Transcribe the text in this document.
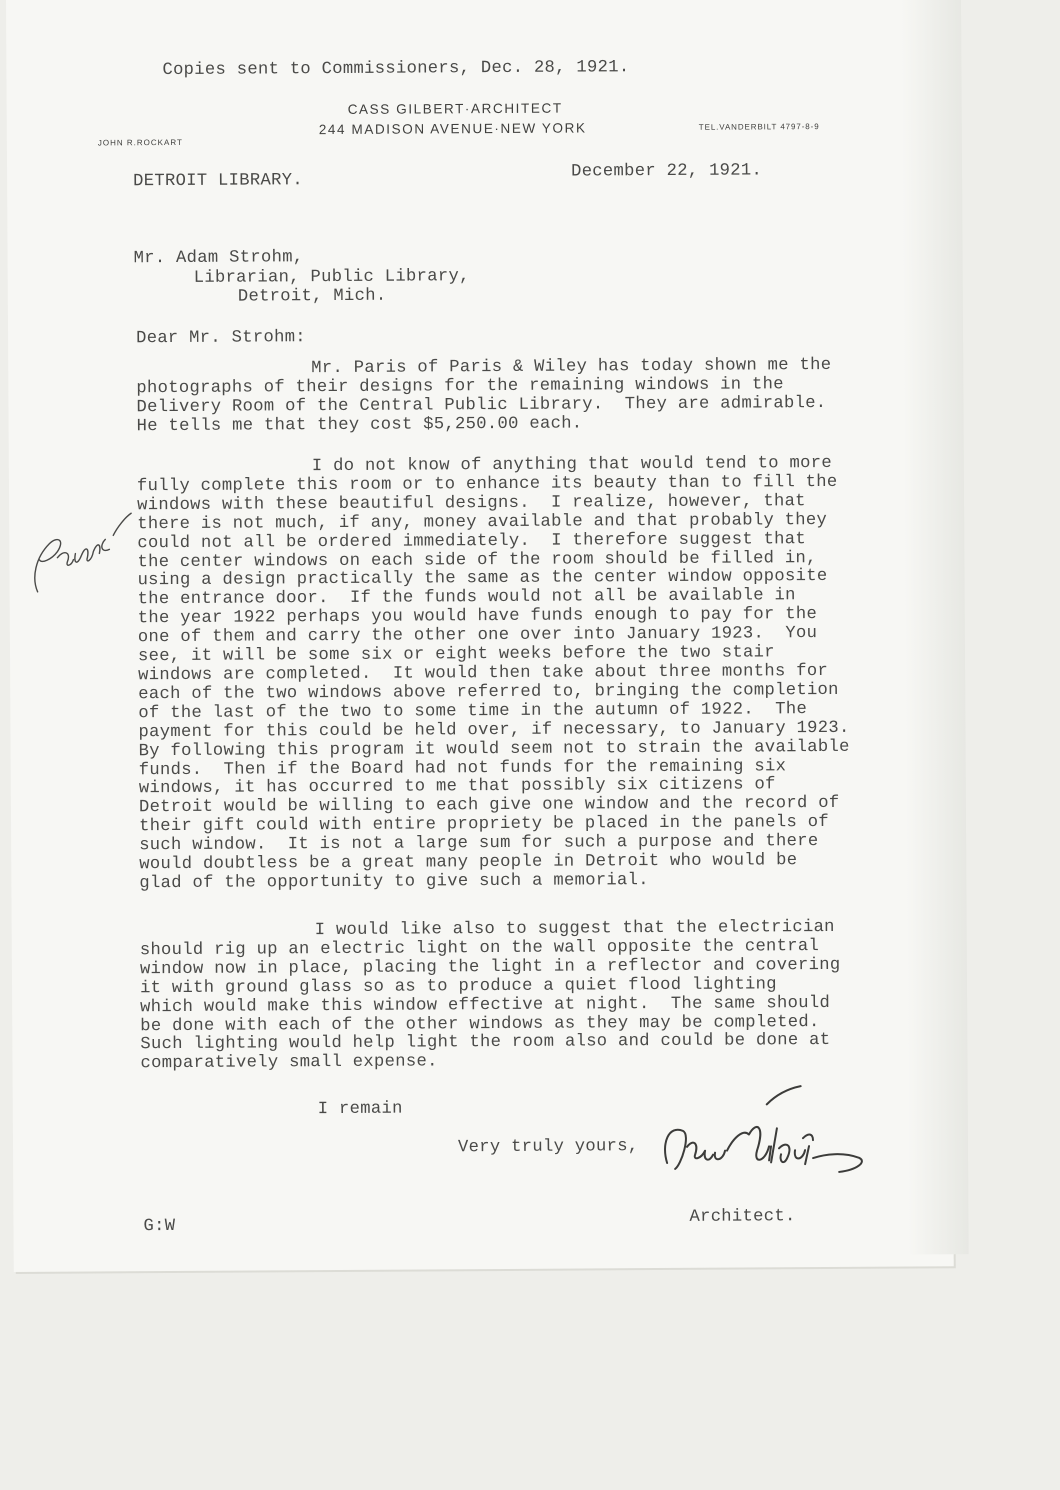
Copies sent to Commissioners, Dec. 28, 1921.
CASS GILBERT·ARCHITECT
244 MADISON AVENUE·NEW YORK
JOHN R.ROCKART
TEL.VANDERBILT 4797-8-9
DETROIT LIBRARY.	December 22, 1921.
Mr. Adam Strohm,
Librarian, Public Library,
Detroit, Mich.
Dear Mr. Strohm:
Mr. Paris of Paris & Wiley has today shown me the
photographs of their designs for the remaining windows in the
Delivery Room of the Central Public Library.  They are admirable.
He tells me that they cost $5,250.00 each.
I do not know of anything that would tend to more
fully complete this room or to enhance its beauty than to fill the
windows with these beautiful designs.  I realize, however, that
there is not much, if any, money available and that probably they
could not all be ordered immediately.  I therefore suggest that
the center windows on each side of the room should be filled in,
using a design practically the same as the center window opposite
the entrance door.  If the funds would not all be available in
the year 1922 perhaps you would have funds enough to pay for the
one of them and carry the other one over into January 1923.  You
see, it will be some six or eight weeks before the two stair
windows are completed.  It would then take about three months for
each of the two windows above referred to, bringing the completion
of the last of the two to some time in the autumn of 1922.  The
payment for this could be held over, if necessary, to January 1923.
By following this program it would seem not to strain the available
funds.  Then if the Board had not funds for the remaining six
windows, it has occurred to me that possibly six citizens of
Detroit would be willing to each give one window and the record of
their gift could with entire propriety be placed in the panels of
such window.  It is not a large sum for such a purpose and there
would doubtless be a great many people in Detroit who would be
glad of the opportunity to give such a memorial.
I would like also to suggest that the electrician
should rig up an electric light on the wall opposite the central
window now in place, placing the light in a reflector and covering
it with ground glass so as to produce a quiet flood lighting
which would make this window effective at night.  The same should
be done with each of the other windows as they may be completed.
Such lighting would help light the room also and could be done at
comparatively small expense.
I remain
Very truly yours,
Architect.
G:W
